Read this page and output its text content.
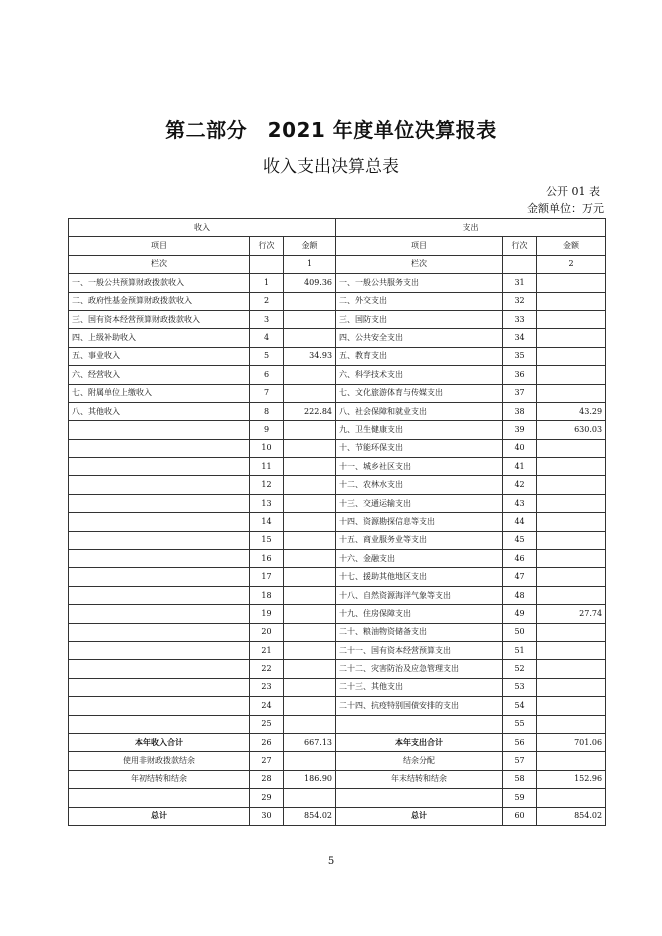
第二部分　2021 年度单位决算报表
收入支出决算总表
公开 01 表
金额单位：万元
收入			支出		
项目	行次	金额	项目	行次	金额
栏次		1	栏次		2
一、一般公共预算财政拨款收入	1	409.36	一、一般公共服务支出	31	
二、政府性基金预算财政拨款收入	2		二、外交支出	32	
三、国有资本经营预算财政拨款收入	3		三、国防支出	33	
四、上级补助收入	4		四、公共安全支出	34	
五、事业收入	5	34.93	五、教育支出	35	
六、经营收入	6		六、科学技术支出	36	
七、附属单位上缴收入	7		七、文化旅游体育与传媒支出	37	
八、其他收入	8	222.84	八、社会保障和就业支出	38	43.29
	9		九、卫生健康支出	39	630.03
	10		十、节能环保支出	40	
	11		十一、城乡社区支出	41	
	12		十二、农林水支出	42	
	13		十三、交通运输支出	43	
	14		十四、资源勘探信息等支出	44	
	15		十五、商业服务业等支出	45	
	16		十六、金融支出	46	
	17		十七、援助其他地区支出	47	
	18		十八、自然资源海洋气象等支出	48	
	19		十九、住房保障支出	49	27.74
	20		二十、粮油物资储备支出	50	
	21		二十一、国有资本经营预算支出	51	
	22		二十二、灾害防治及应急管理支出	52	
	23		二十三、其他支出	53	
	24		二十四、抗疫特别国债安排的支出	54	
	25			55	
本年收入合计	26	667.13	本年支出合计	56	701.06
使用非财政拨款结余	27		结余分配	57	
年初结转和结余	28	186.90	年末结转和结余	58	152.96
	29			59	
总计	30	854.02	总计	60	854.02
5
